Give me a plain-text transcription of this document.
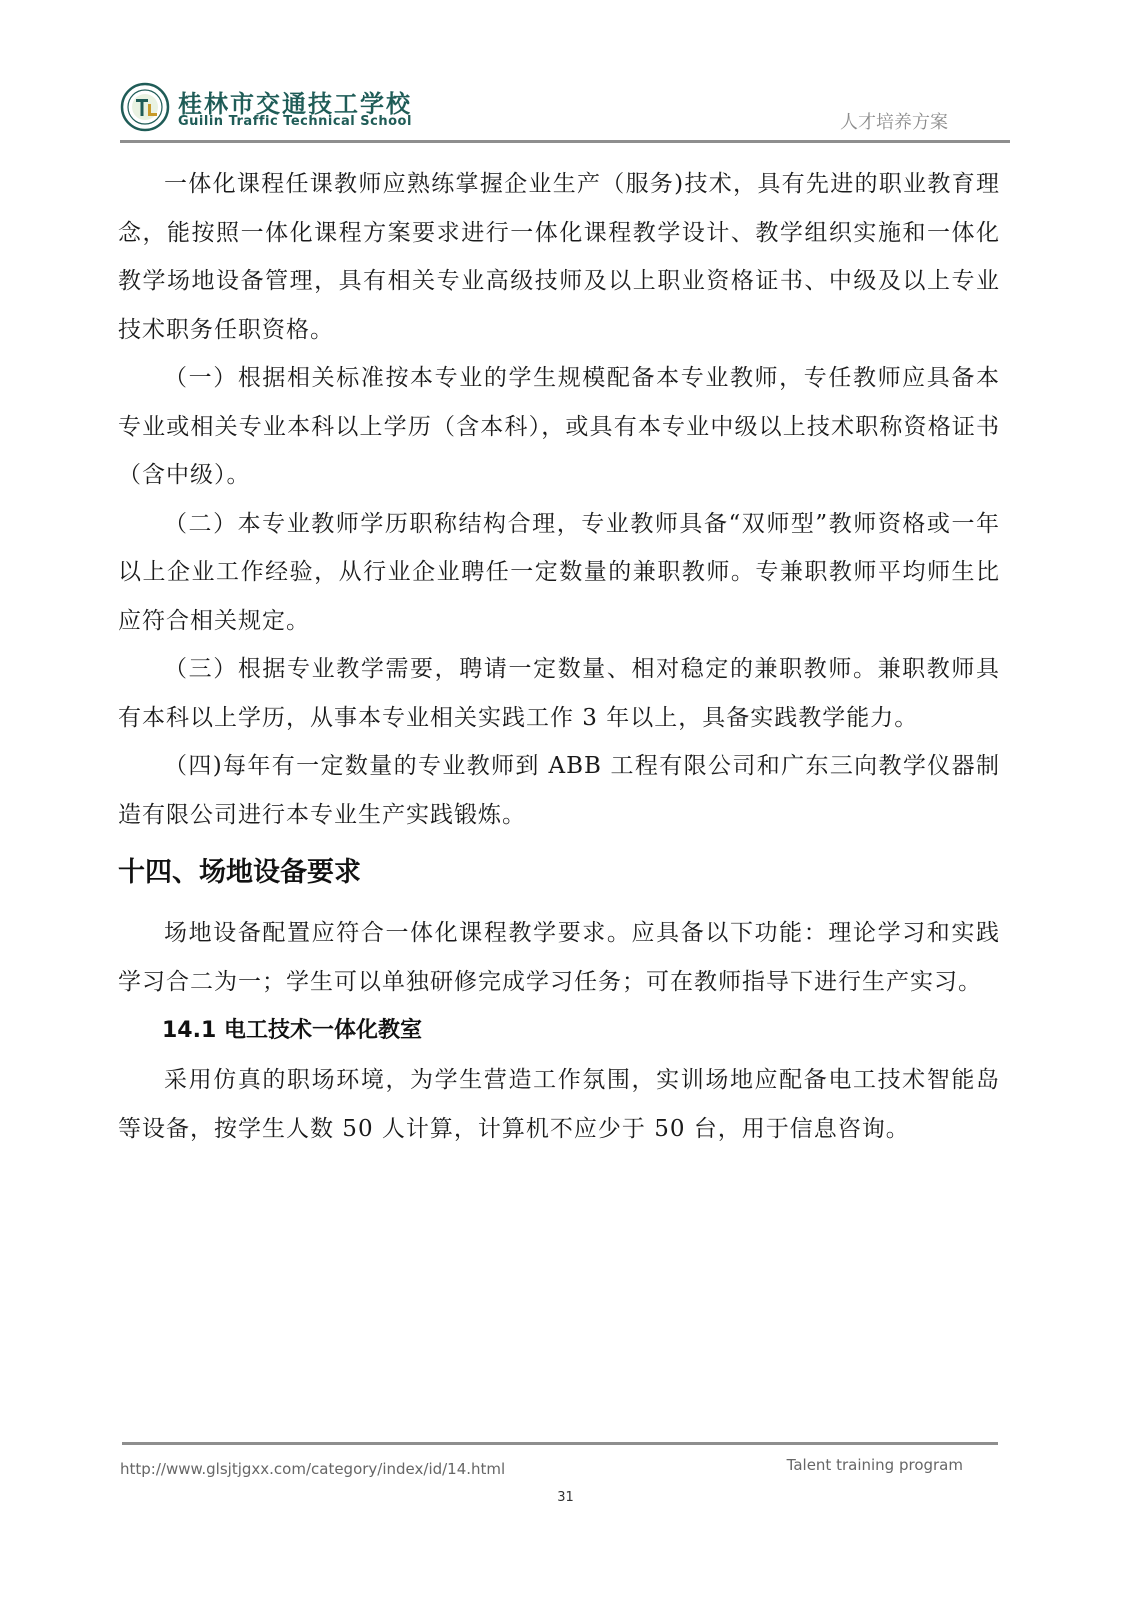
桂林市交通技工学校
Guilin Traffic Technical School	人才培养方案

一体化课程任课教师应熟练掌握企业生产（服务)技术，具有先进的职业教育理念，能按照一体化课程方案要求进行一体化课程教学设计、教学组织实施和一体化教学场地设备管理，具有相关专业高级技师及以上职业资格证书、中级及以上专业技术职务任职资格。

（一）根据相关标准按本专业的学生规模配备本专业教师，专任教师应具备本专业或相关专业本科以上学历（含本科），或具有本专业中级以上技术职称资格证书（含中级）。

（二）本专业教师学历职称结构合理，专业教师具备“双师型”教师资格或一年以上企业工作经验，从行业企业聘任一定数量的兼职教师。专兼职教师平均师生比应符合相关规定。

（三）根据专业教学需要，聘请一定数量、相对稳定的兼职教师。兼职教师具有本科以上学历，从事本专业相关实践工作 3 年以上，具备实践教学能力。

（四)每年有一定数量的专业教师到 ABB 工程有限公司和广东三向教学仪器制造有限公司进行本专业生产实践锻炼。

十四、场地设备要求

场地设备配置应符合一体化课程教学要求。应具备以下功能：理论学习和实践学习合二为一；学生可以单独研修完成学习任务；可在教师指导下进行生产实习。

14.1 电工技术一体化教室

采用仿真的职场环境，为学生营造工作氛围，实训场地应配备电工技术智能岛等设备，按学生人数 50 人计算，计算机不应少于 50 台，用于信息咨询。

http://www.glsjtjgxx.com/category/index/id/14.html	Talent training program
31
